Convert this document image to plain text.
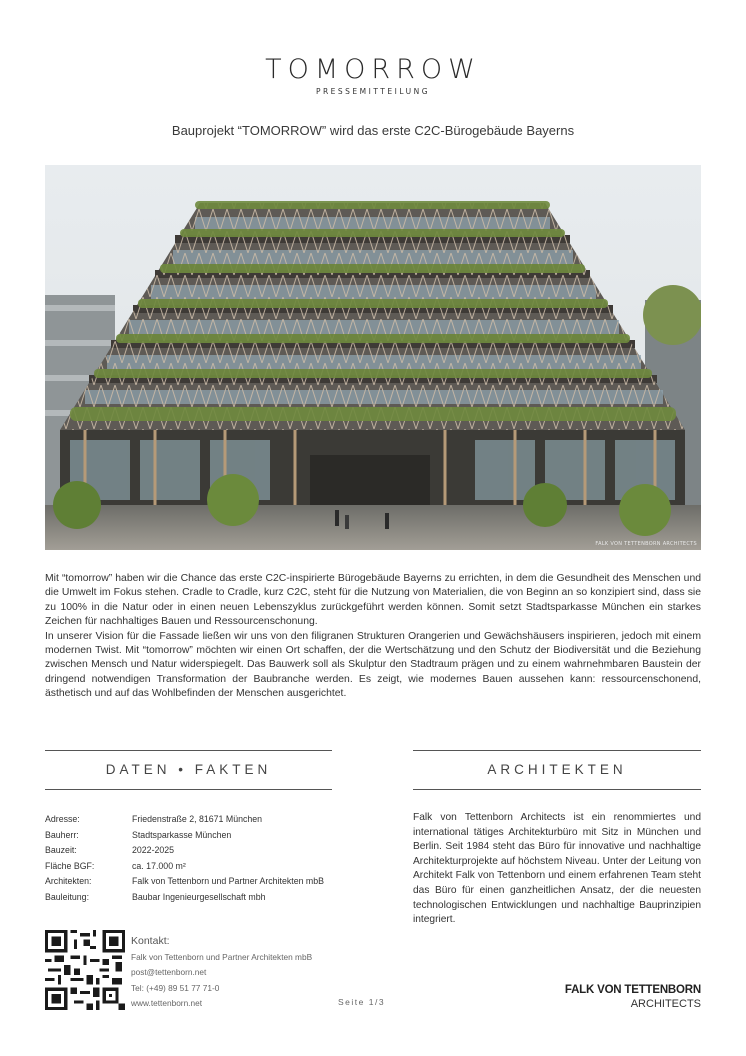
TOMORROW
PRESSEMITTEILUNG
Bauprojekt “TOMORROW” wird das erste C2C-Bürogebäude Bayerns
FALK VON TETTENBORN ARCHITECTS

Mit “tomorrow” haben wir die Chance das erste C2C-inspirierte Bürogebäude Bayerns zu errichten, in dem die Gesundheit des Menschen und die Umwelt im Fokus stehen. Cradle to Cradle, kurz C2C, steht für die Nutzung von Materialien, die von Beginn an so konzipiert sind, dass sie zu 100% in die Natur oder in einen neuen Lebenszyklus zurückgeführt werden können. Somit setzt Stadtsparkasse München ein starkes Zeichen für nachhaltiges Bauen und Ressourcenschonung.

In unserer Vision für die Fassade ließen wir uns von den filigranen Strukturen Orangerien und Gewächshäusers inspirieren, jedoch mit einem modernen Twist. Mit “tomorrow” möchten wir einen Ort schaffen, der die Wertschätzung und den Schutz der Biodiversität und die Beziehung zwischen Mensch und Natur widerspiegelt. Das Bauwerk soll als Skulptur den Stadtraum prägen und zu einem wahrnehmbaren Baustein der dringend notwendigen Transformation der Baubranche werden. Es zeigt, wie modernes Bauen aussehen kann: ressourcenschonend, ästhetisch und auf das Wohlbefinden der Menschen ausgerichtet.

DATEN • FAKTEN	ARCHITEKTEN
Adresse:	Friedenstraße 2, 81671 München
Bauherr:	Stadtsparkasse München
Bauzeit:	2022-2025
Fläche BGF:	ca. 17.000 m²
Architekten:	Falk von Tettenborn und Partner Architekten mbB
Bauleitung:	Baubar Ingenieurgesellschaft mbh
Falk von Tettenborn Architects ist ein renommiertes und international tätiges Architekturbüro mit Sitz in München und Berlin. Seit 1984 steht das Büro für innovative und nachhaltige Architekturprojekte auf höchstem Niveau. Unter der Leitung von Architekt Falk von Tettenborn und einem erfahrenen Team steht das Büro für einen ganzheitlichen Ansatz, der die neuesten technologischen Entwicklungen und nachhaltige Bauprinzipien integriert.
Kontakt:
Falk von Tettenborn und Partner Architekten mbB
post@tettenborn.net
Tel: (+49) 89 51 77 71-0
www.tettenborn.net	Seite 1/3
FALK VON TETTENBORN
ARCHITECTS
